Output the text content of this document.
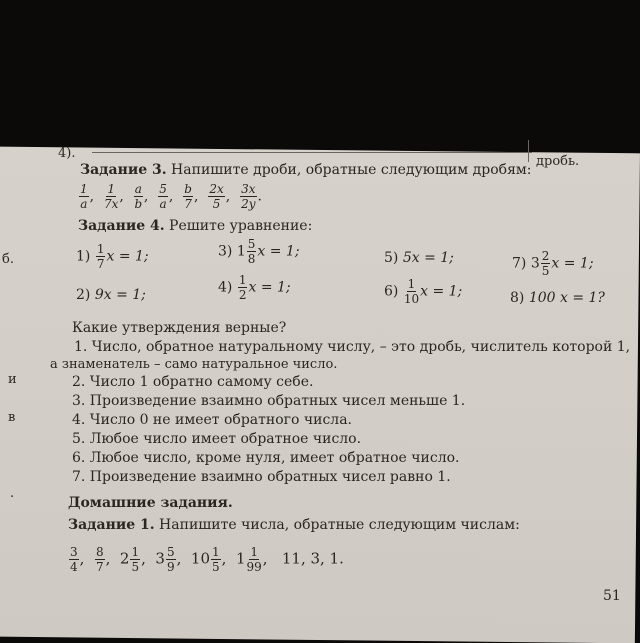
4).
дробь.
Задание 3. Напишите дроби, обратные следующим дробям:
$\frac{1}{a}$ , $\frac{1}{7x}$ , $\frac{a}{b}$ , $\frac{5}{a}$ , $\frac{b}{7}$ , $\frac{2x}{5}$ , $\frac{3x}{2y}$ .
Задание 4. Решите уравнение:
$1) \frac{1}{7}$ x = 1;	3) $1 \frac{5}{8}$ x = 1;	5) 5x = 1;	7) $3 \frac{2}{5}$ x = 1;
2) 9x = 1;	$4) \frac{1}{2}$ x = 1;	$6) \frac{1}{10}$ x = 1;	8) 100 x = 1?
Какие утверждения верные?
1. Число, обратное натуральному числу, – это дробь, числитель которой 1,
а знаменатель – само натуральное число.
2. Число 1 обратно самому себе.
3. Произведение взаимно обратных чисел меньше 1.
4. Число 0 не имеет обратного числа.
5. Любое число имеет обратное число.
6. Любое число, кроме нуля, имеет обратное число.
7. Произведение взаимно обратных чисел равно 1.
Домашние задания.
Задание 1. Напишите числа, обратные следующим числам:
$\frac{3}{4}$ , $\frac{8}{7}$ ,  $2 \frac{1}{5}$ ,  $3 \frac{5}{9}$ ,  $10 \frac{1}{5}$ ,  $1 \frac{1}{99}$ ,   11, 3, 1.
б.
и
в
.
51
